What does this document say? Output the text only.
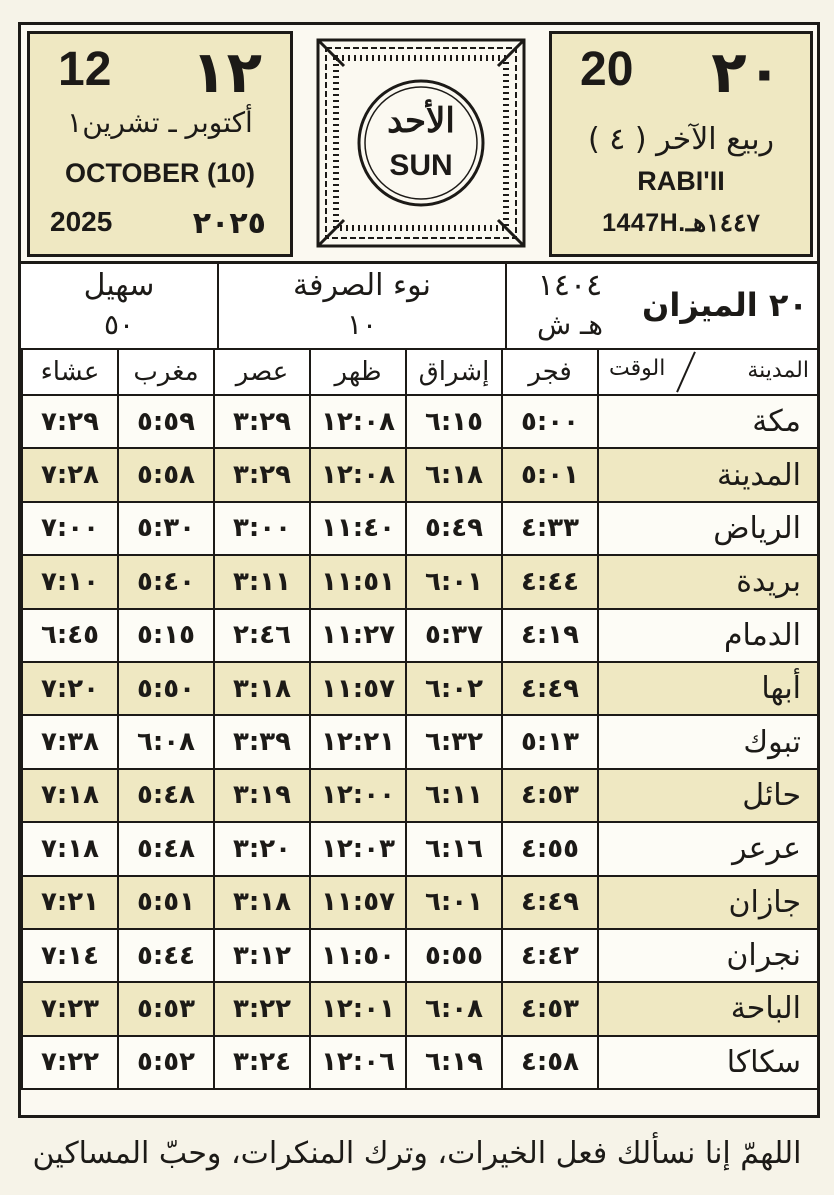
12 ١٢
أكتوبر ـ تشرين١
OCTOBER (10)
2025	٢٠٢٥
الأحد
SUN
20 ٢٠
ربيع الآخر ( ٤ )
RABI'II
1447H.١٤٤٧هـ
سهيل
٥٠
نوء الصرفة
١٠
١٤٠٤
هـ ش
٢٠ الميزان
عشاء	مغرب	عصر	ظهر	إشراق	فجر	المدينة
الوقت

٧:٢٩	٥:٥٩	٣:٢٩	١٢:٠٨	٦:١٥	٥:٠٠	مكة
٧:٢٨	٥:٥٨	٣:٢٩	١٢:٠٨	٦:١٨	٥:٠١	المدينة
٧:٠٠	٥:٣٠	٣:٠٠	١١:٤٠	٥:٤٩	٤:٣٣	الرياض
٧:١٠	٥:٤٠	٣:١١	١١:٥١	٦:٠١	٤:٤٤	بريدة
٦:٤٥	٥:١٥	٢:٤٦	١١:٢٧	٥:٣٧	٤:١٩	الدمام
٧:٢٠	٥:٥٠	٣:١٨	١١:٥٧	٦:٠٢	٤:٤٩	أبها
٧:٣٨	٦:٠٨	٣:٣٩	١٢:٢١	٦:٣٢	٥:١٣	تبوك
٧:١٨	٥:٤٨	٣:١٩	١٢:٠٠	٦:١١	٤:٥٣	حائل
٧:١٨	٥:٤٨	٣:٢٠	١٢:٠٣	٦:١٦	٤:٥٥	عرعر
٧:٢١	٥:٥١	٣:١٨	١١:٥٧	٦:٠١	٤:٤٩	جازان
٧:١٤	٥:٤٤	٣:١٢	١١:٥٠	٥:٥٥	٤:٤٢	نجران
٧:٢٣	٥:٥٣	٣:٢٢	١٢:٠١	٦:٠٨	٤:٥٣	الباحة
٧:٢٢	٥:٥٢	٣:٢٤	١٢:٠٦	٦:١٩	٤:٥٨	سكاكا
اللهمّ إنا نسألك فعل الخيرات، وترك المنكرات، وحبّ المساكين
